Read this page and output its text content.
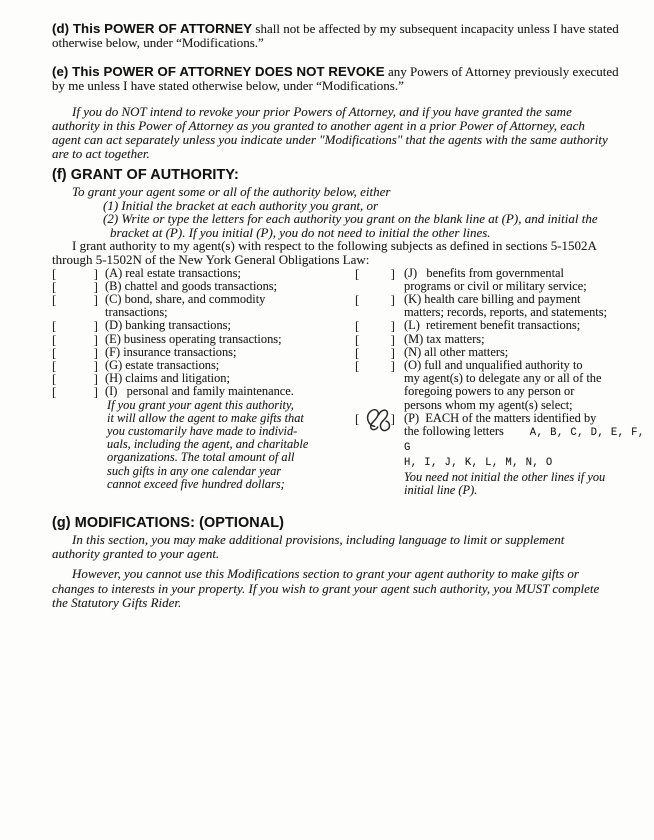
(d) This POWER OF ATTORNEY shall not be affected by my subsequent incapacity unless I have stated
otherwise below, under “Modifications.”

(e) This POWER OF ATTORNEY DOES NOT REVOKE any Powers of Attorney previously executed
by me unless I have stated otherwise below, under “Modifications.”

If you do NOT intend to revoke your prior Powers of Attorney, and if you have granted the same
authority in this Power of Attorney as you granted to another agent in a prior Power of Attorney, each
agent can act separately unless you indicate under "Modifications" that the agents with the same authority
are to act together.

(f) GRANT OF AUTHORITY:
To grant your agent some or all of the authority below, either
(1) Initial the bracket at each authority you grant, or
(2) Write or type the letters for each authority you grant on the blank line at (P), and initial the
bracket at (P). If you initial (P), you do not need to initial the other lines.

I grant authority to my agent(s) with respect to the following subjects as defined in sections 5-1502A
through 5-1502N of the New York General Obligations Law:

[	] (A) real estate transactions;
[	] (B) chattel and goods transactions;
[	] (C) bond, share, and commodity
transactions;
[	] (D) banking transactions;
[	] (E) business operating transactions;
[	] (F) insurance transactions;
[	] (G) estate transactions;
[	] (H) claims and litigation;
[	] (I)   personal and family maintenance.
If you grant your agent this authority,
it will allow the agent to make gifts that
you customarily have made to individ-
uals, including the agent, and charitable
organizations. The total amount of all
such gifts in any one calendar year
cannot exceed five hundred dollars;
[ ] (J)   benefits from governmental
programs or civil or military service;
[ ] (K) health care billing and payment
matters; records, reports, and statements;
[ ] (L)  retirement benefit transactions;
[ ] (M) tax matters;
[ ] (N) all other matters;
[ ] (O) full and unqualified authority to
my agent(s) to delegate any or all of the
foregoing powers to any person or
persons whom my agent(s) select;
[ ] (P)  EACH of the matters identified by
the following letters A, B, C, D, E, F, G
H, I, J, K, L, M, N, O
You need not initial the other lines if you
initial line (P).
(g) MODIFICATIONS: (OPTIONAL)

In this section, you may make additional provisions, including language to limit or supplement
authority granted to your agent.

However, you cannot use this Modifications section to grant your agent authority to make gifts or
changes to interests in your property. If you wish to grant your agent such authority, you MUST complete
the Statutory Gifts Rider.
